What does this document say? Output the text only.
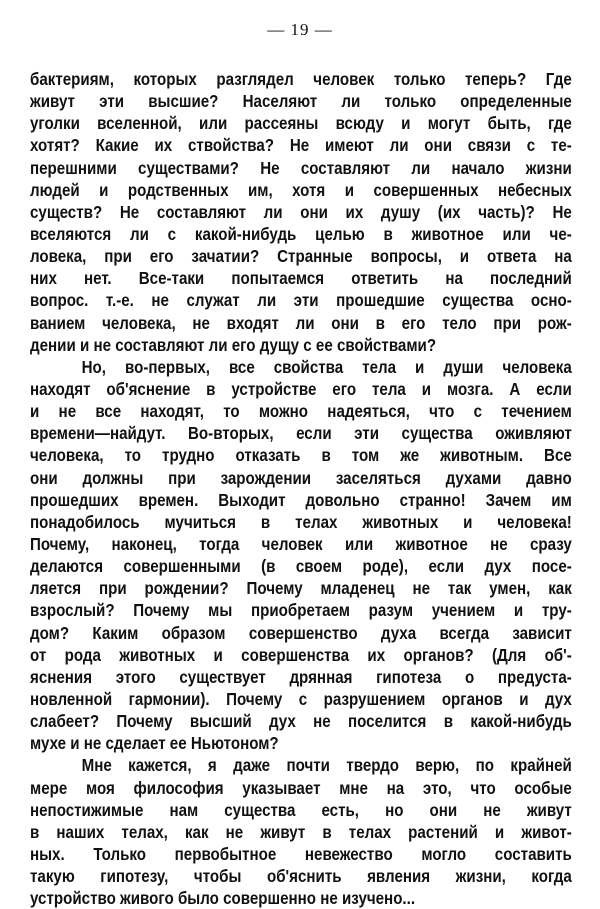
— 19 —
бактериям, которых разглядел человек только теперь? Где
живут эти высшие? Населяют ли только определенные
уголки вселенной, или рассеяны всюду и могут быть, где
хотят? Какие их ствойства? Не имеют ли они связи с те-
перешними существами? Не составляют ли начало жизни
людей и родственных им, хотя и совершенных небесных
существ? Не составляют ли они их душу (их часть)? Не
вселяются ли с какой-нибудь целью в животное или че-
ловека, при его зачатии? Странные вопросы, и ответа на
них нет. Все-таки попытаемся ответить на последний
вопрос. т.-е. не служат ли эти прошедшие существа осно-
ванием человека, не входят ли они в его тело при рож-
дении и не составляют ли его дущу с ее свойствами?
Но, во-первых, все свойства тела и души человека
находят об'яснение в устройстве его тела и мозга. А если
и не все находят, то можно надеяться, что с течением
времени—найдут. Во-вторых, если эти существа оживляют
человека, то трудно отказать в том же животным. Все
они должны при зарождении заселяться духами давно
прошедших времен. Выходит довольно странно! Зачем им
понадобилось мучиться в телах животных и человека!
Почему, наконец, тогда человек или животное не сразу
делаются совершенными (в своем роде), если дух посе-
ляется при рождении? Почему младенец не так умен, как
взрослый? Почему мы приобретаем разум учением и тру-
дом? Каким образом совершенство духа всегда зависит
от рода животных и совершенства их органов? (Для об'-
яснения этого существует дрянная гипотеза о предуста-
новленной гармонии). Почему с разрушением органов и дух
слабеет? Почему высший дух не поселится в какой-нибудь
мухе и не сделает ее Ньютоном?
Мне кажется, я даже почти твердо верю, по крайней
мере моя философия указывает мне на это, что особые
непостижимые нам существа есть, но они не живут
в наших телах, как не живут в телах растений и живот-
ных. Только первобытное невежество могло составить
такую гипотезу, чтобы об'яснить явления жизни, когда
устройство живого было совершенно не изучено...
